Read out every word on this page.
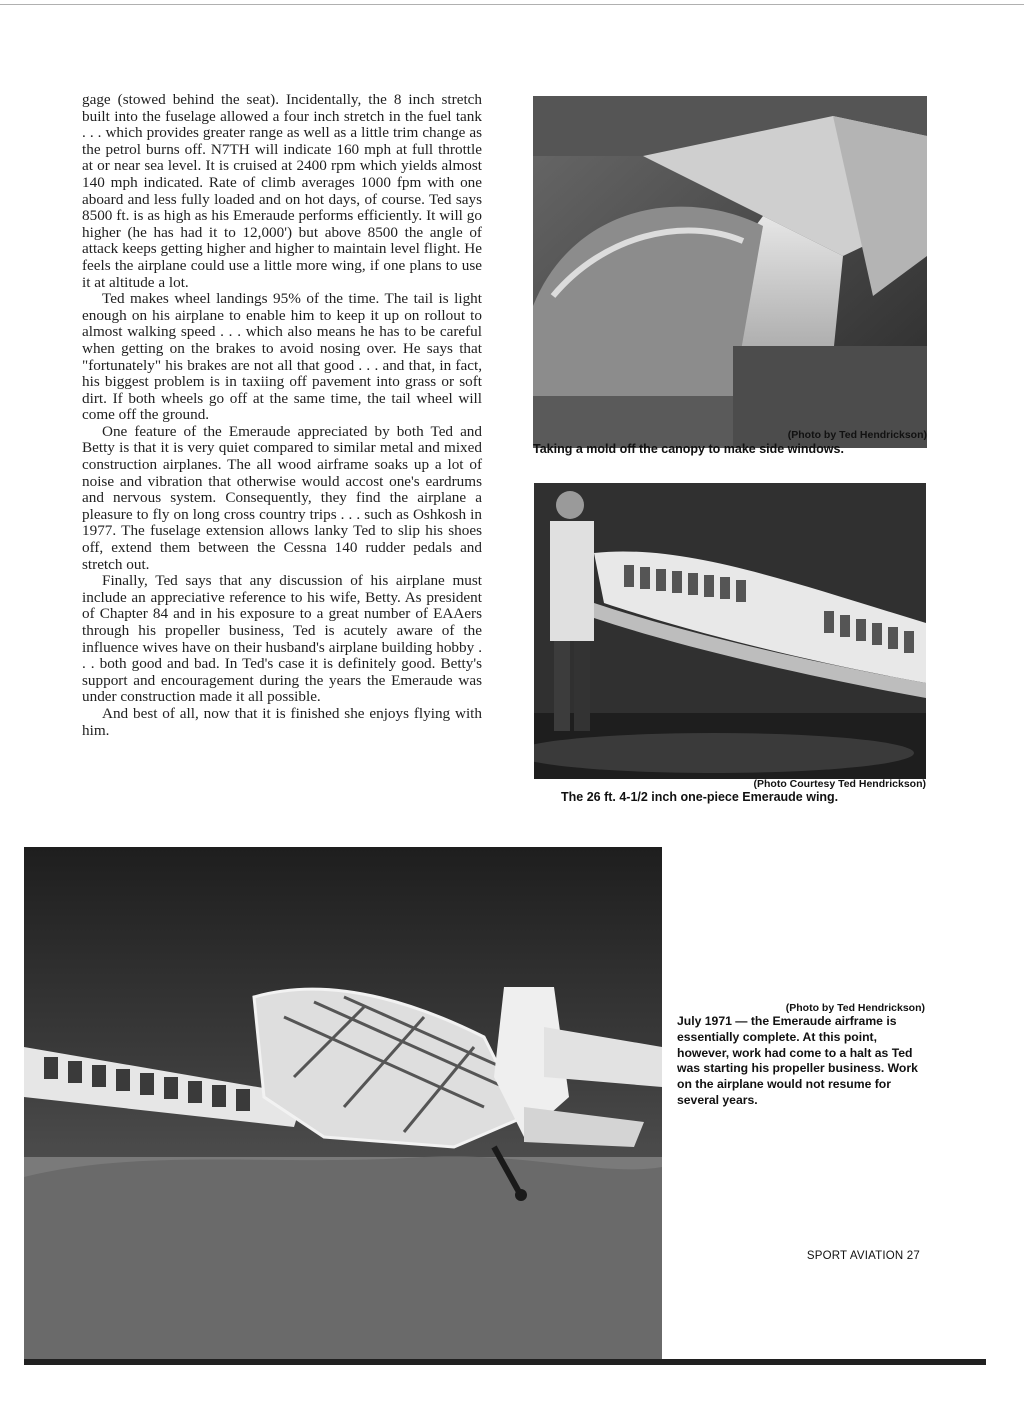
gage (stowed behind the seat). Incidentally, the 8 inch stretch built into the fuselage allowed a four inch stretch in the fuel tank . . . which provides greater range as well as a little trim change as the petrol burns off. N7TH will indicate 160 mph at full throttle at or near sea level. It is cruised at 2400 rpm which yields almost 140 mph indicated. Rate of climb averages 1000 fpm with one aboard and less fully loaded and on hot days, of course. Ted says 8500 ft. is as high as his Emeraude performs efficiently. It will go higher (he has had it to 12,000') but above 8500 the angle of attack keeps getting higher and higher to maintain level flight. He feels the airplane could use a little more wing, if one plans to use it at altitude a lot.

Ted makes wheel landings 95% of the time. The tail is light enough on his airplane to enable him to keep it up on rollout to almost walking speed . . . which also means he has to be careful when getting on the brakes to avoid nosing over. He says that "fortunately" his brakes are not all that good . . . and that, in fact, his biggest problem is in taxiing off pavement into grass or soft dirt. If both wheels go off at the same time, the tail wheel will come off the ground.

One feature of the Emeraude appreciated by both Ted and Betty is that it is very quiet compared to similar metal and mixed construction airplanes. The all wood airframe soaks up a lot of noise and vibration that otherwise would accost one's eardrums and nervous system. Consequently, they find the airplane a pleasure to fly on long cross country trips . . . such as Oshkosh in 1977. The fuselage extension allows lanky Ted to slip his shoes off, extend them between the Cessna 140 rudder pedals and stretch out.

Finally, Ted says that any discussion of his airplane must include an appreciative reference to his wife, Betty. As president of Chapter 84 and in his exposure to a great number of EAAers through his propeller business, Ted is acutely aware of the influence wives have on their husband's airplane building hobby . . . both good and bad. In Ted's case it is definitely good. Betty's support and encouragement during the years the Emeraude was under construction made it all possible.

And best of all, now that it is finished she enjoys flying with him.

(Photo by Ted Hendrickson)
Taking a mold off the canopy to make side windows.
(Photo Courtesy Ted Hendrickson)
The 26 ft. 4-1/2 inch one-piece Emeraude wing.
(Photo by Ted Hendrickson)
July 1971 — the Emeraude airframe is essentially complete. At this point, however, work had come to a halt as Ted was starting his propeller business. Work on the airplane would not resume for several years.
SPORT AVIATION 27
